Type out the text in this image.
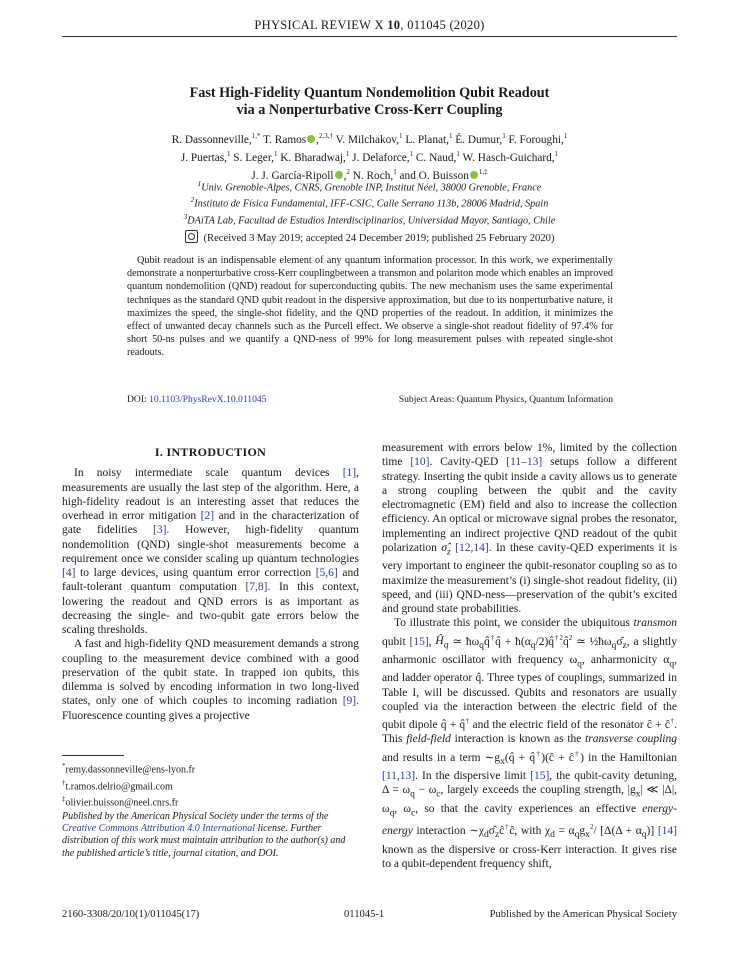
PHYSICAL REVIEW X 10, 011045 (2020)
Fast High-Fidelity Quantum Nondemolition Qubit Readout
via a Nonperturbative Cross-Kerr Coupling
R. Dassonneville,$^{1,*}$ T. Ramos ,$^{2,3,\dagger}$ V. Milchakov,$^1$ L. Planat,$^1$ É. Dumur,$^1$ F. Foroughi,$^1$
J. Puertas,$^1$ S. Leger,$^1$ K. Bharadwaj,$^1$ J. Delaforce,$^1$ C. Naud,$^1$ W. Hasch-Guichard,$^1$
J. J. García-Ripoll ,$^2$ N. Roch,$^1$ and O. Buisson $^{1,\ddagger}$
$^1$Univ. Grenoble-Alpes, CNRS, Grenoble INP, Institut Néel, 38000 Grenoble, France
$^2$Instituto de Física Fundamental, IFF-CSIC, Calle Serrano 113b, 28006 Madrid, Spain
$^3$DAiTA Lab, Facultad de Estudios Interdisciplinarios, Universidad Mayor, Santiago, Chile
(Received 3 May 2019; accepted 24 December 2019; published 25 February 2020)
Qubit readout is an indispensable element of any quantum information processor. In this work, we experimentally demonstrate a nonperturbative cross-Kerr couplingbetween a transmon and polariton mode which enables an improved quantum nondemolition (QND) readout for superconducting qubits. The new mechanism uses the same experimental techniques as the standard QND qubit readout in the dispersive approximation, but due to its nonperturbative nature, it maximizes the speed, the single-shot fidelity, and the QND properties of the readout. In addition, it minimizes the effect of unwanted decay channels such as the Purcell effect. We observe a single-shot readout fidelity of 97.4% for short 50-ns pulses and we quantify a QND-ness of 99% for long measurement pulses with repeated single-shot readouts.
DOI: 10.1103/PhysRevX.10.011045	Subject Areas: Quantum Physics, Quantum Information
I. INTRODUCTION

In noisy intermediate scale quantum devices [1], measurements are usually the last step of the algorithm. Here, a high-fidelity readout is an interesting asset that reduces the overhead in error mitigation [2] and in the characterization of gate fidelities [3]. However, high-fidelity quantum nondemolition (QND) single-shot measurements become a requirement once we consider scaling up quantum technologies [4] to large devices, using quantum error correction [5,6] and fault-tolerant quantum computation [7,8]. In this context, lowering the readout and QND errors is as important as decreasing the single- and two-qubit gate errors below the scaling thresholds.

A fast and high-fidelity QND measurement demands a strong coupling to the measurement device combined with a good preservation of the qubit state. In trapped ion qubits, this dilemma is solved by encoding information in two long-lived states, only one of which couples to incoming radiation [9]. Fluorescence counting gives a projective

measurement with errors below 1%, limited by the collection time [10]. Cavity-QED [11–13] setups follow a different strategy. Inserting the qubit inside a cavity allows us to generate a strong coupling between the qubit and the cavity electromagnetic (EM) field and also to increase the collection efficiency. An optical or microwave signal probes the resonator, implementing an indirect projective QND readout of the qubit polarization $\sigmâ_z$ [12,14]. In these cavity-QED experiments it is very important to engineer the qubit-resonator coupling so as to maximize the measurement’s (i) single-shot readout fidelity, (ii) speed, and (iii) QND-ness—preservation of the qubit’s excited and ground state probabilities.

To illustrate this point, we consider the ubiquitous transmon qubit [15], $Ĥ_q$ ≃ $ħ\omega_qq̂^\dagger q̂$ + $ħ(\alpha_q/2)q̂^{\dagger 2}q̂^2$ ≃ $\frac{1}{2}ħ\omega_q\sigmâ_z$, a slightly anharmonic oscillator with frequency $\omega_q$, anharmonicity $\alpha_q$, and ladder operator q̂. Three types of couplings, summarized in Table I, will be discussed. Qubits and resonators are usually coupled via the interaction between the electric field of the qubit dipole q̂ + q̂† and the electric field of the resonator ĉ + ĉ†. This field-field interaction is known as the transverse coupling and results in a term $\sim g_x(q̂$ + q̂†)(ĉ + ĉ†) in the Hamiltonian [11,13]. In the dispersive limit [15], the qubit-cavity detuning, $\Delta = \omega_q - \omega_c$, largely exceeds the coupling strength, $|g_x|$ ≪ |Δ|, $\omega_q$, $\omega_c$, so that the cavity experiences an effective energy-energy interaction $\sim\chi_d\sigmâ_zĉ^\dagger ĉ$, with $\chi_d = \alpha_qg_x^2/$ $[\Delta(\Delta + \alpha_q)]$ [14] known as the dispersive or cross-Kerr interaction. It gives rise to a qubit-dependent frequency shift,

*remy.dassonneville@ens-lyon.fr
†t.ramos.delrio@gmail.com
‡olivier.buisson@neel.cnrs.fr
Published by the American Physical Society under the terms of the Creative Commons Attribution 4.0 International license. Further distribution of this work must maintain attribution to the author(s) and the published article’s title, journal citation, and DOI.
2160-3308/20/10(1)/011045(17)	011045-1	Published by the American Physical Society
